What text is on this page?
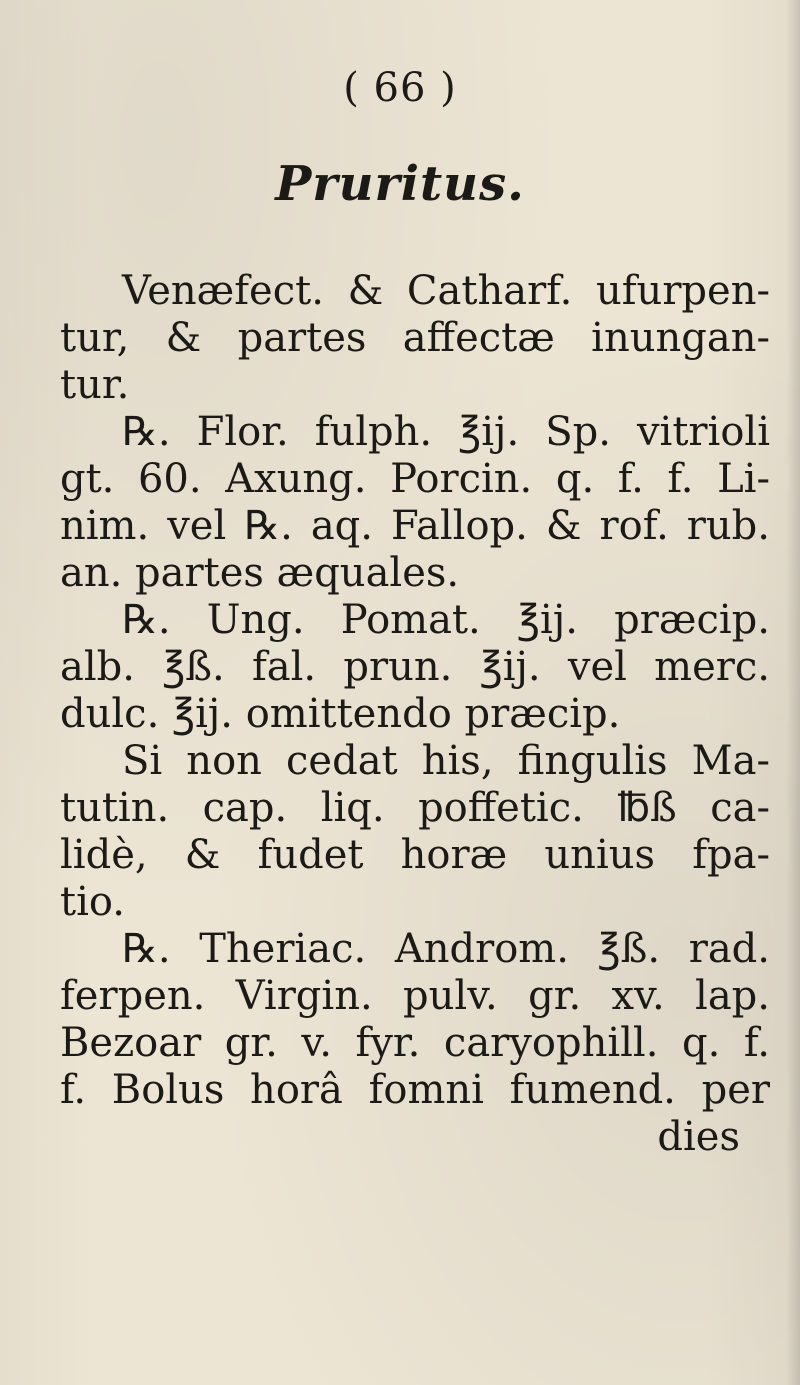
( 66 )
Pruritus.
Venæfect. & Catharf. ufurpen-
tur, & partes affectæ inungan-
tur.
℞. Flor. fulph. ℥ij. Sp. vitrioli
gt. 60. Axung. Porcin. q. f. f. Li-
nim. vel ℞. aq. Fallop. & rof. rub.
an. partes æquales.
℞. Ung. Pomat. ℥ij. præcip.
alb. ℥ß. fal. prun. ℥ij. vel merc.
dulc. ℥ij. omittendo præcip.
Si non cedat his, fingulis Ma-
tutin. cap. liq. poffetic. ℔ß ca-
lidè, & fudet horæ unius fpa-
tio.
℞. Theriac. Androm. ℥ß. rad.
ferpen. Virgin. pulv. gr. xv. lap.
Bezoar gr. v. fyr. caryophill. q. f.
f. Bolus horâ fomni fumend. per
dies
